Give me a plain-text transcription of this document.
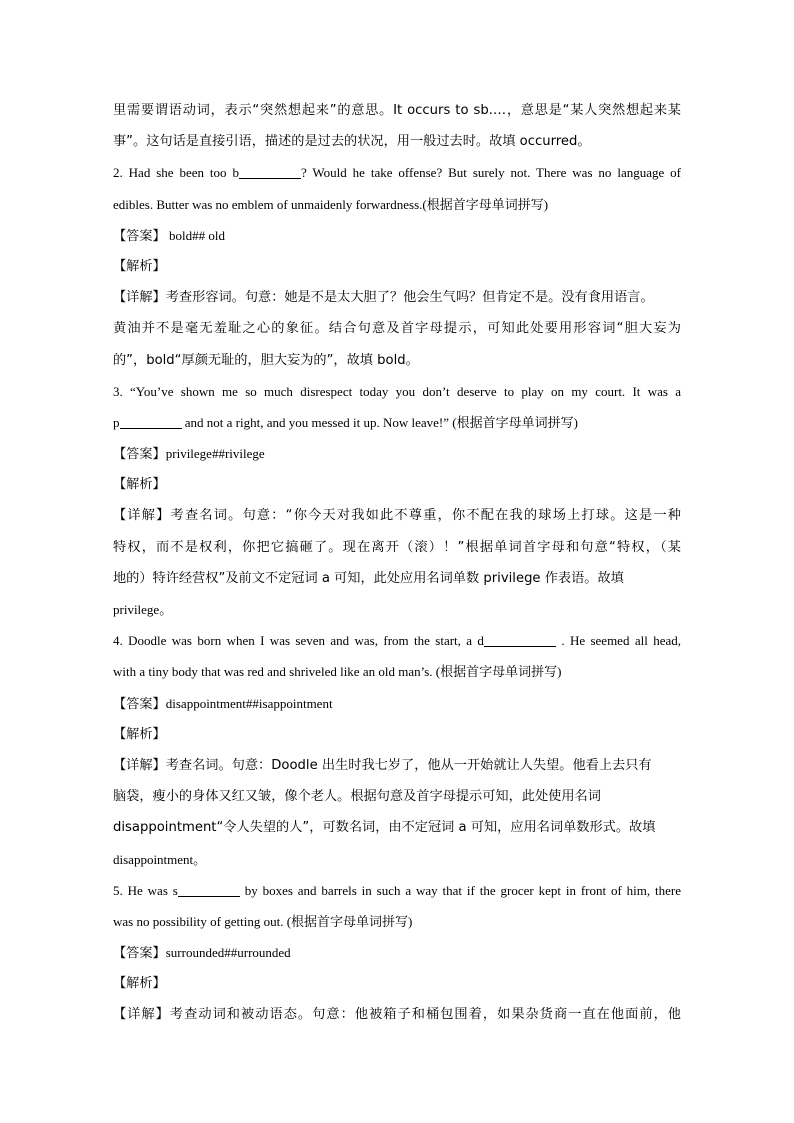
里需要谓语动词，表示“突然想起来”的意思。It occurs to sb.…，意思是“某人突然想起来某
事”。这句话是直接引语，描述的是过去的状况，用一般过去时。故填 occurred。
2. Had she been too b	? Would he take offense? But surely not. There was no language of
edibles. Butter was no emblem of unmaidenly forwardness.(根据首字母单词拼写)
【答案】 bold## old
【解析】
【详解】考查形容词。句意：她是不是太大胆了？他会生气吗？但肯定不是。没有食用语言。
黄油并不是毫无羞耻之心的象征。结合句意及首字母提示，可知此处要用形容词“胆大妄为
的”，bold“厚颜无耻的，胆大妄为的”，故填 bold。
3. “You’ve shown me so much disrespect today you don’t deserve to play on my court. It was a
p	and not a right, and you messed it up. Now leave!” (根据首字母单词拼写)
【答案】privilege##rivilege
【解析】
【详解】考查名词。句意：“你今天对我如此不尊重，你不配在我的球场上打球。这是一种
特权，而不是权利，你把它搞砸了。现在离开（滚）！”根据单词首字母和句意“特权，（某
地的）特许经营权”及前文不定冠词 a 可知，此处应用名词单数 privilege 作表语。故填
privilege。
4. Doodle was born when I was seven and was, from the start, a d	. He seemed all head,
with a tiny body that was red and shriveled like an old man’s. (根据首字母单词拼写)
【答案】disappointment##isappointment
【解析】
【详解】考查名词。句意：Doodle 出生时我七岁了，他从一开始就让人失望。他看上去只有
脑袋，瘦小的身体又红又皱，像个老人。根据句意及首字母提示可知，此处使用名词
disappointment“令人失望的人”，可数名词，由不定冠词 a 可知，应用名词单数形式。故填
disappointment。
5. He was s	by boxes and barrels in such a way that if the grocer kept in front of him, there
was no possibility of getting out. (根据首字母单词拼写)
【答案】surrounded##urrounded
【解析】
【详解】考查动词和被动语态。句意：他被箱子和桶包围着，如果杂货商一直在他面前，他
